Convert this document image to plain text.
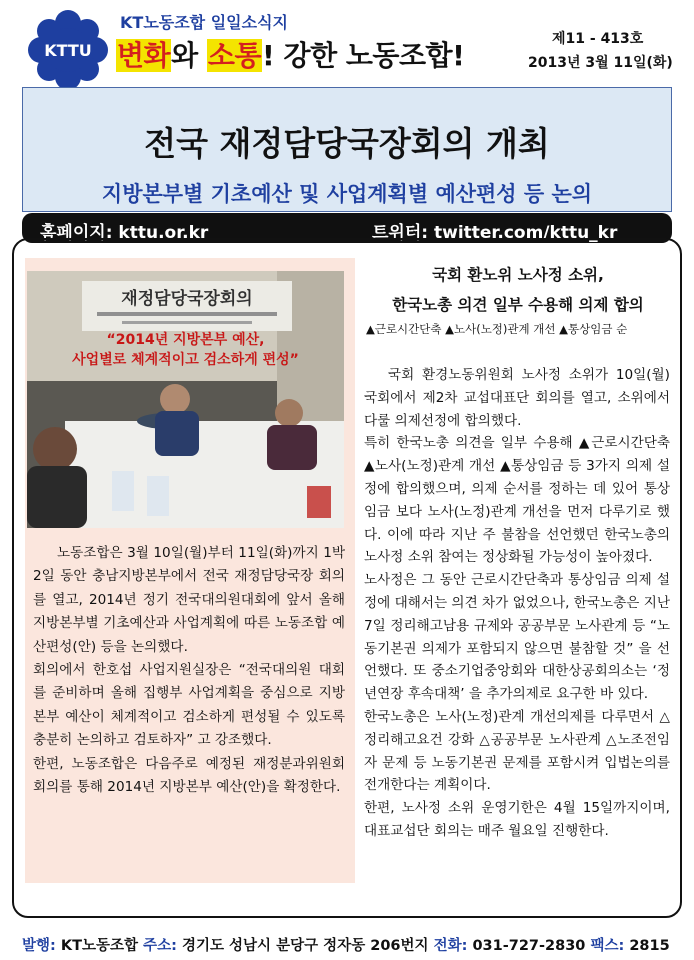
KTTU
KT노동조합 일일소식지
변화와 소통! 강한 노동조합!	제11 - 413호
2013년 3월 11일(화)
전국 재정담당국장회의 개최
지방본부별 기초예산 및 사업계획별 예산편성 등 논의
홈페이지: kttu.or.kr	트위터: twitter.com/kttu_kr
재정담당국장회의
“2014년 지방본부 예산,
사업별로 체계적이고 검소하게 편성”

노동조합은 3월 10일(월)부터 11일(화)까지 1박2일 동안 충남지방본부에서 전국 재정담당국장 회의를 열고, 2014년 정기 전국대의원대회에 앞서 올해 지방본부별 기초예산과 사업계획에 따른 노동조합 예산편성(안) 등을 논의했다.

회의에서 한호섭 사업지원실장은 “전국대의원 대회를 준비하며 올해 집행부 사업계획을 중심으로 지방본부 예산이 체계적이고 검소하게 편성될 수 있도록 충분히 논의하고 검토하자” 고 강조했다.

한편, 노동조합은 다음주로 예정된 재정분과위원회 회의를 통해 2014년 지방본부 예산(안)을 확정한다.

국회 환노위 노사정 소위,
한국노총 의견 일부 수용해 의제 합의
▲근로시간단축 ▲노사(노정)관계 개선 ▲통상임금 순

국회 환경노동위원회 노사정 소위가 10일(월) 국회에서 제2차 교섭대표단 회의를 열고, 소위에서 다룰 의제선정에 합의했다.

특히 한국노총 의견을 일부 수용해 ▲근로시간단축 ▲노사(노정)관계 개선 ▲통상임금 등 3가지 의제 설정에 합의했으며, 의제 순서를 정하는 데 있어 통상임금 보다 노사(노정)관계 개선을 먼저 다루기로 했다. 이에 따라 지난 주 불참을 선언했던 한국노총의 노사정 소위 참여는 정상화될 가능성이 높아졌다.

노사정은 그 동안 근로시간단축과 통상임금 의제 설정에 대해서는 의견 차가 없었으나, 한국노총은 지난 7일 정리해고남용 규제와 공공부문 노사관계 등 “노동기본권 의제가 포함되지 않으면 불참할 것” 을 선언했다. 또 중소기업중앙회와 대한상공회의소는 ‘정년연장 후속대책’ 을 추가의제로 요구한 바 있다.

한국노총은 노사(노정)관계 개선의제를 다루면서 △정리해고요건 강화 △공공부문 노사관계 △노조전임자 문제 등 노동기본권 문제를 포함시켜 입법논의를 전개한다는 계획이다.

한편, 노사정 소위 운영기한은 4월 15일까지이며, 대표교섭단 회의는 매주 월요일 진행한다.

발행: KT노동조합 주소: 경기도 성남시 분당구 정자동 206번지 전화: 031-727-2830 팩스: 2815
